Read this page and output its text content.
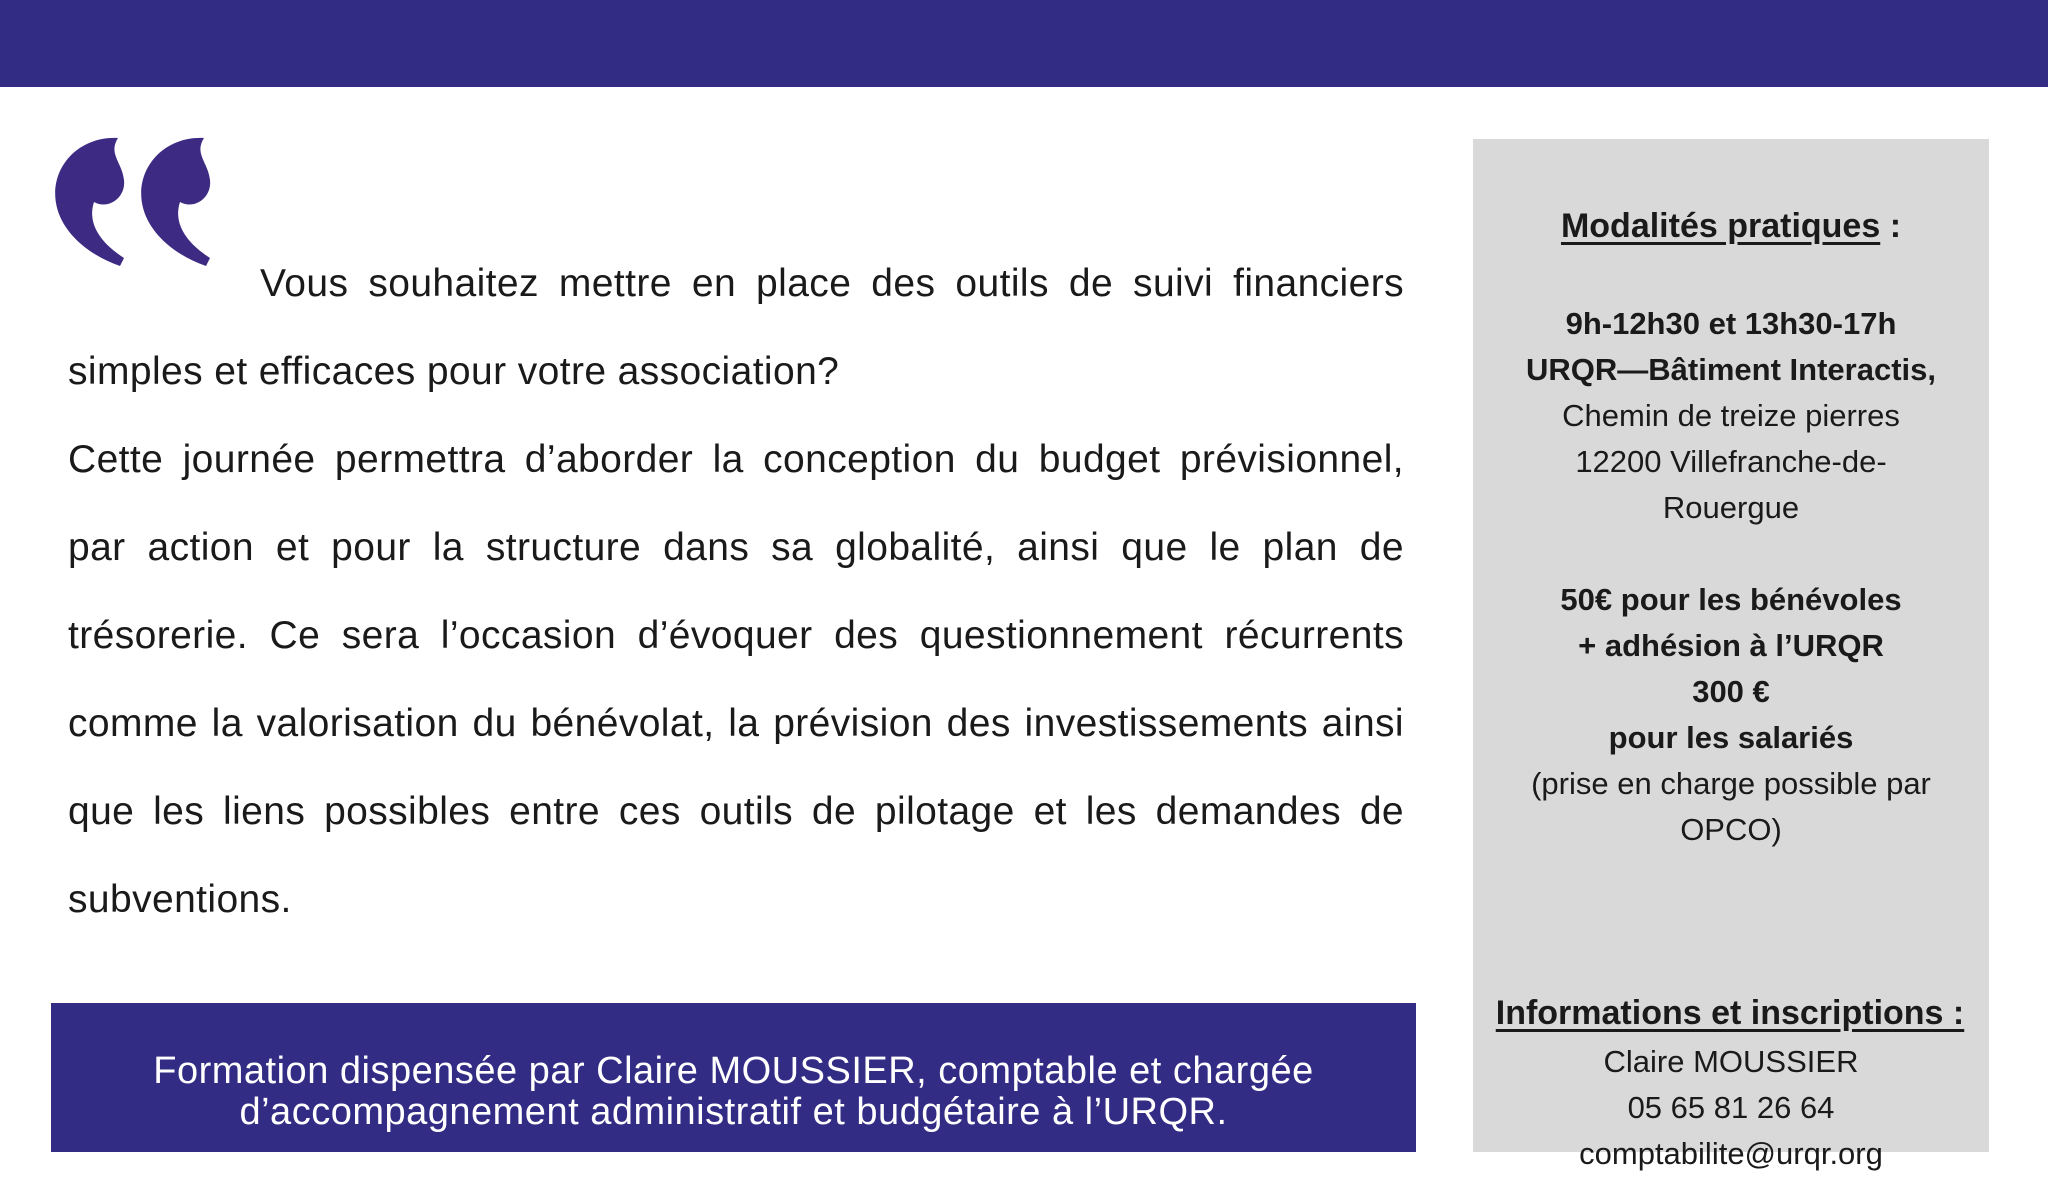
Vous souhaitez mettre en place des outils de suivi financiers simples et efficaces pour votre association?

Cette journée permettra d’aborder la conception du budget prévisionnel, par action et pour la structure dans sa globalité, ainsi que le plan de trésorerie. Ce sera l’occasion d’évoquer des questionnement récurrents comme la valorisation du bénévolat, la prévision des investissements ainsi que les liens possibles entre ces outils de pilotage et les demandes de subventions.

Formation dispensée par Claire MOUSSIER, comptable et chargée
d’accompagnement administratif et budgétaire à l’URQR.
Modalités pratiques :
9h-12h30 et 13h30-17h
URQR—Bâtiment Interactis,
Chemin de treize pierres
12200 Villefranche-de-
Rouergue
50€ pour les bénévoles
+ adhésion à l’URQR
300 €
pour les salariés
(prise en charge possible par
OPCO)
Claire MOUSSIER
05 65 81 26 64
comptabilite@urqr.org
Informations et inscriptions :
